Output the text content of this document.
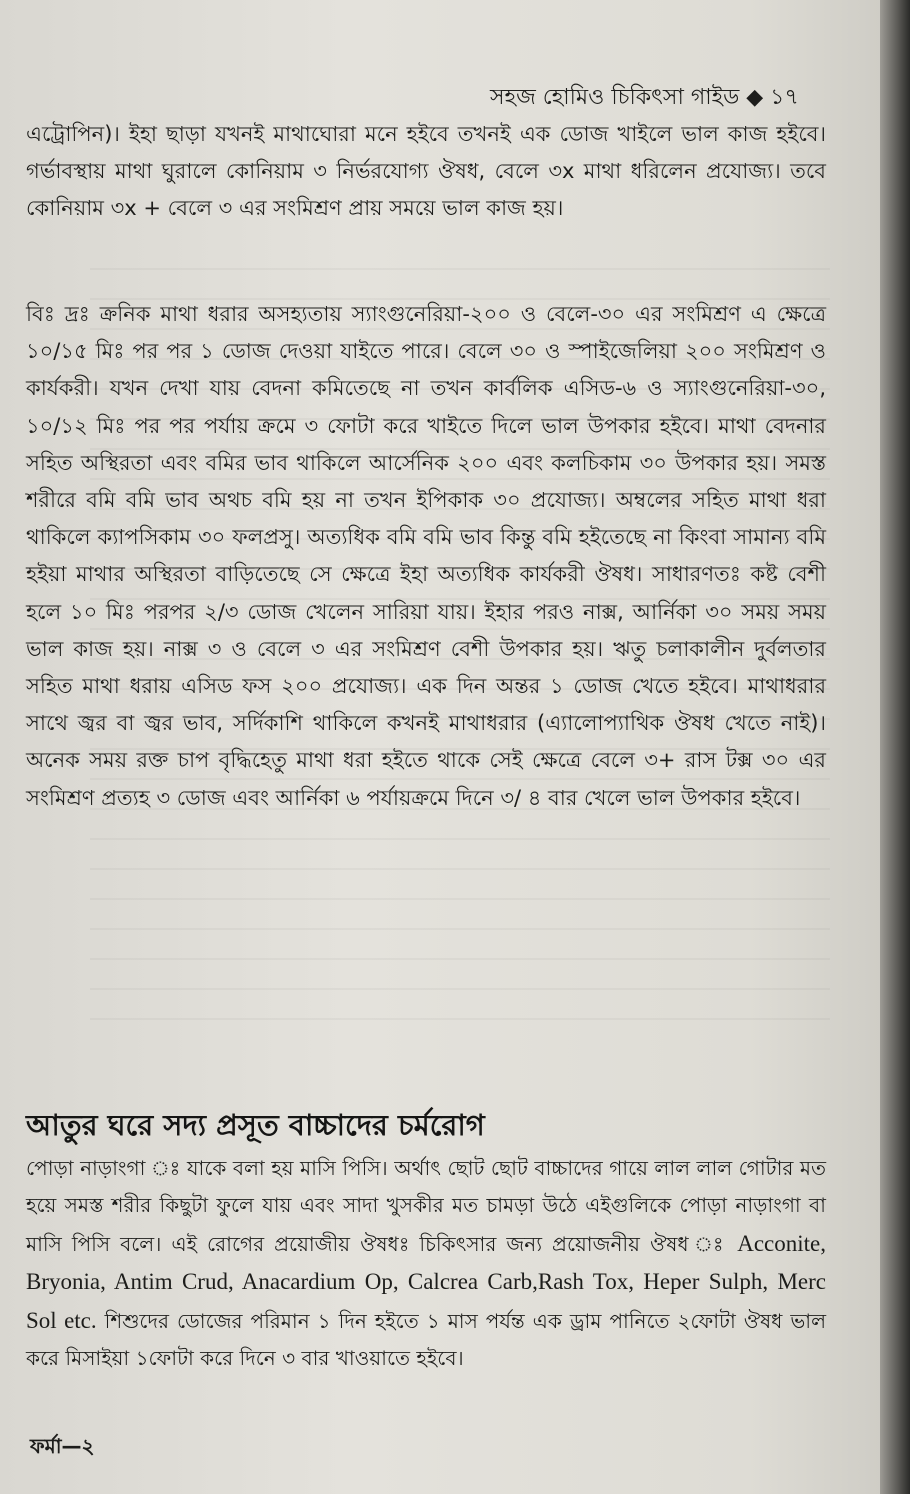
সহজ হোমিও চিকিৎসা গাইড ◆ ১৭

এট্রোপিন)। ইহা ছাড়া যখনই মাথাঘোরা মনে হইবে তখনই এক ডোজ খাইলে ভাল কাজ হইবে। গর্ভাবস্থায় মাথা ঘুরালে কোনিয়াম ৩ নির্ভরযোগ্য ঔষধ, বেলে ৩x মাথা ধরিলেন প্রযোজ্য। তবে কোনিয়াম ৩x + বেলে ৩ এর সংমিশ্রণ প্রায় সময়ে ভাল কাজ হয়।

বিঃ দ্রঃ ক্রনিক মাথা ধরার অসহ্যতায় স্যাংগুনেরিয়া-২০০ ও বেলে-৩০ এর সংমিশ্রণ এ ক্ষেত্রে ১০/১৫ মিঃ পর পর ১ ডোজ দেওয়া যাইতে পারে। বেলে ৩০ ও স্পাইজেলিয়া ২০০ সংমিশ্রণ ও কার্যকরী। যখন দেখা যায় বেদনা কমিতেছে না তখন কার্বলিক এসিড-৬ ও স্যাংগুনেরিয়া-৩০, ১০/১২ মিঃ পর পর পর্যায় ক্রমে ৩ ফোটা করে খাইতে দিলে ভাল উপকার হইবে। মাথা বেদনার সহিত অস্থিরতা এবং বমির ভাব থাকিলে আর্সেনিক ২০০ এবং কলচিকাম ৩০ উপকার হয়। সমস্ত শরীরে বমি বমি ভাব অথচ বমি হয় না তখন ইপিকাক ৩০ প্রযোজ্য। অম্বলের সহিত মাথা ধরা থাকিলে ক্যাপসিকাম ৩০ ফলপ্রসু। অত্যধিক বমি বমি ভাব কিন্তু বমি হইতেছে না কিংবা সামান্য বমি হইয়া মাথার অস্থিরতা বাড়িতেছে সে ক্ষেত্রে ইহা অত্যধিক কার্যকরী ঔষধ। সাধারণতঃ কষ্ট বেশী হলে ১০ মিঃ পরপর ২/৩ ডোজ খেলেন সারিয়া যায়। ইহার পরও নাক্স, আর্নিকা ৩০ সময় সময় ভাল কাজ হয়। নাক্স ৩ ও বেলে ৩ এর সংমিশ্রণ বেশী উপকার হয়। ঋতু চলাকালীন দুর্বলতার সহিত মাথা ধরায় এসিড ফস ২০০ প্রযোজ্য। এক দিন অন্তর ১ ডোজ খেতে হইবে। মাথাধরার সাথে জ্বর বা জ্বর ভাব, সর্দিকাশি থাকিলে কখনই মাথাধরার (এ্যালোপ্যাথিক ঔষধ খেতে নাই)। অনেক সময় রক্ত চাপ বৃদ্ধিহেতু মাথা ধরা হইতে থাকে সেই ক্ষেত্রে বেলে ৩+ রাস টক্স ৩০ এর সংমিশ্রণ প্রত্যহ ৩ ডোজ এবং আর্নিকা ৬ পর্যায়ক্রমে দিনে ৩/ ৪ বার খেলে ভাল উপকার হইবে।

আতুর ঘরে সদ্য প্রসূত বাচ্চাদের চর্মরোগ

পোড়া নাড়াংগা ঃ যাকে বলা হয় মাসি পিসি। অর্থাৎ ছোট ছোট বাচ্চাদের গায়ে লাল লাল গোটার মত হয়ে সমস্ত শরীর কিছুটা ফুলে যায় এবং সাদা খুসকীর মত চামড়া উঠে এইগুলিকে পোড়া নাড়াংগা বা মাসি পিসি বলে। এই রোগের প্রয়োজীয় ঔষধঃ চিকিৎসার জন্য প্রয়োজনীয় ঔষধ ঃ Acconite, Bryonia, Antim Crud, Anacardium Op, Calcrea Carb,Rash Tox, Heper Sulph, Merc Sol etc. শিশুদের ডোজের পরিমান ১ দিন হইতে ১ মাস পর্যন্ত এক ড্রাম পানিতে ২ফোটা ঔষধ ভাল করে মিসাইয়া ১ফোটা করে দিনে ৩ বার খাওয়াতে হইবে।

ফর্মা—২
